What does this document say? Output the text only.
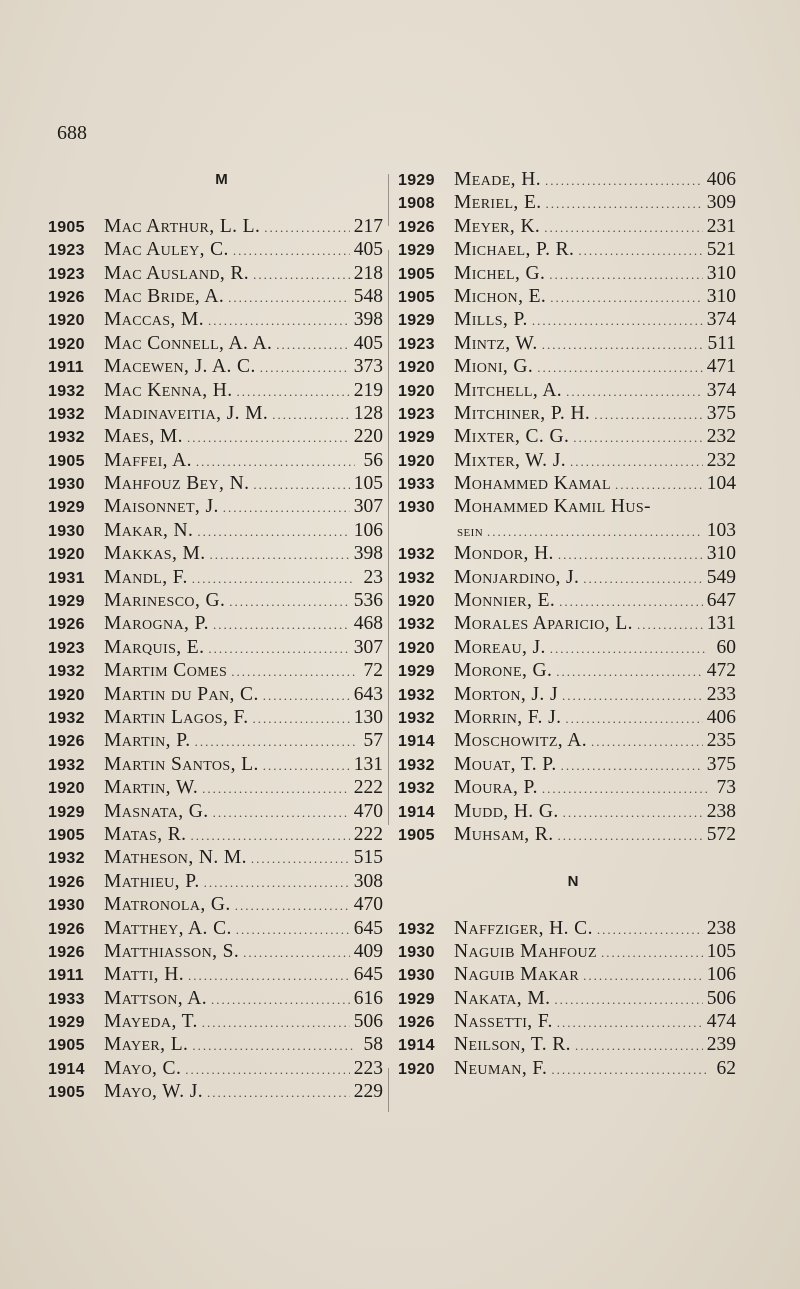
688
M
1905 Mac Arthur, L. L. .....	217
1923 Mac Auley, C. .....	405
1923 Mac Ausland, R. .....	218
1926 Mac Bride, A. .....	548
1920 Maccas, M. .....	398
1920 Mac Connell, A. A. .....	405
1911	Macewen, J. A. C. .....	373
1932 Mac Kenna, H. .....	219
1932 Madinaveitia, J. M. .....	128
1932 Maes, M. .....	220
1905 Maffei, A. .....	56
1930 Mahfouz Bey, N. .....	105
1929 Maisonnet, J. .....	307
1930 Makar, N. .....	106
1920 Makkas, M. .....	398
1931 Mandl, F. .....	23
1929 Marinesco, G. .....	536
1926 Marogna, P. .....	468
1923 Marquis, E. .....	307
1932 Martim Comes .....	72
1920 Martin du Pan, C. .....	643
1932 Martin Lagos, F. .....	130
1926 Martin, P. .....	57
1932 Martin Santos, L. .....	131
1920 Martin, W. .....	222
1929 Masnata, G. .....	470
1905 Matas, R. .....	222
1932 Matheson, N. M. .....	515
1926 Mathieu, P. .....	308
1930 Matronola, G. .....	470
1926 Matthey, A. C. .....	645
1926 Matthiasson, S. .....	409
1911	Matti, H. .....	645
1933 Mattson, A. .....	616
1929 Mayeda, T. .....	506
1905 Mayer, L. .....	58
1914 Mayo, C. .....	223
1905 Mayo, W. J. .....	229
1929 Meade, H. .....	406
1908 Meriel, E. .....	309
1926 Meyer, K. .....	231
1929 Michael, P. R. .....	521
1905 Michel, G. .....	310
1905 Michon, E. .....	310
1929 Mills, P. .....	374
1923 Mintz, W. .....	511
1920 Mioni, G. .....	471
1920 Mitchell, A. .....	374
1923 Mitchiner, P. H. .....	375
1929 Mixter, C. G. .....	232
1920 Mixter, W. J. .....	232
1933 Mohammed Kamal .....	104
1930 Mohammed Kamil Hus-
sein .....	103
1932 Mondor, H. .....	310
1932 Monjardino, J. .....	549
1920 Monnier, E. .....	647
1932 Morales Aparicio, L. .....	131
1920 Moreau, J. .....	60
1929 Morone, G. .....	472
1932 Morton, J. J .....	233
1932 Morrin, F. J. .....	406
1914 Moschowitz, A. .....	235
1932 Mouat, T. P. .....	375
1932 Moura, P. .....	73
1914 Mudd, H. G. .....	238
1905 Muhsam, R. .....	572
N
1932 Naffziger, H. C. .....	238
1930 Naguib Mahfouz .....	105
1930 Naguib Makar .....	106
1929 Nakata, M. .....	506
1926 Nassetti, F. .....	474
1914 Neilson, T. R. .....	239
1920 Neuman, F. .....	62
